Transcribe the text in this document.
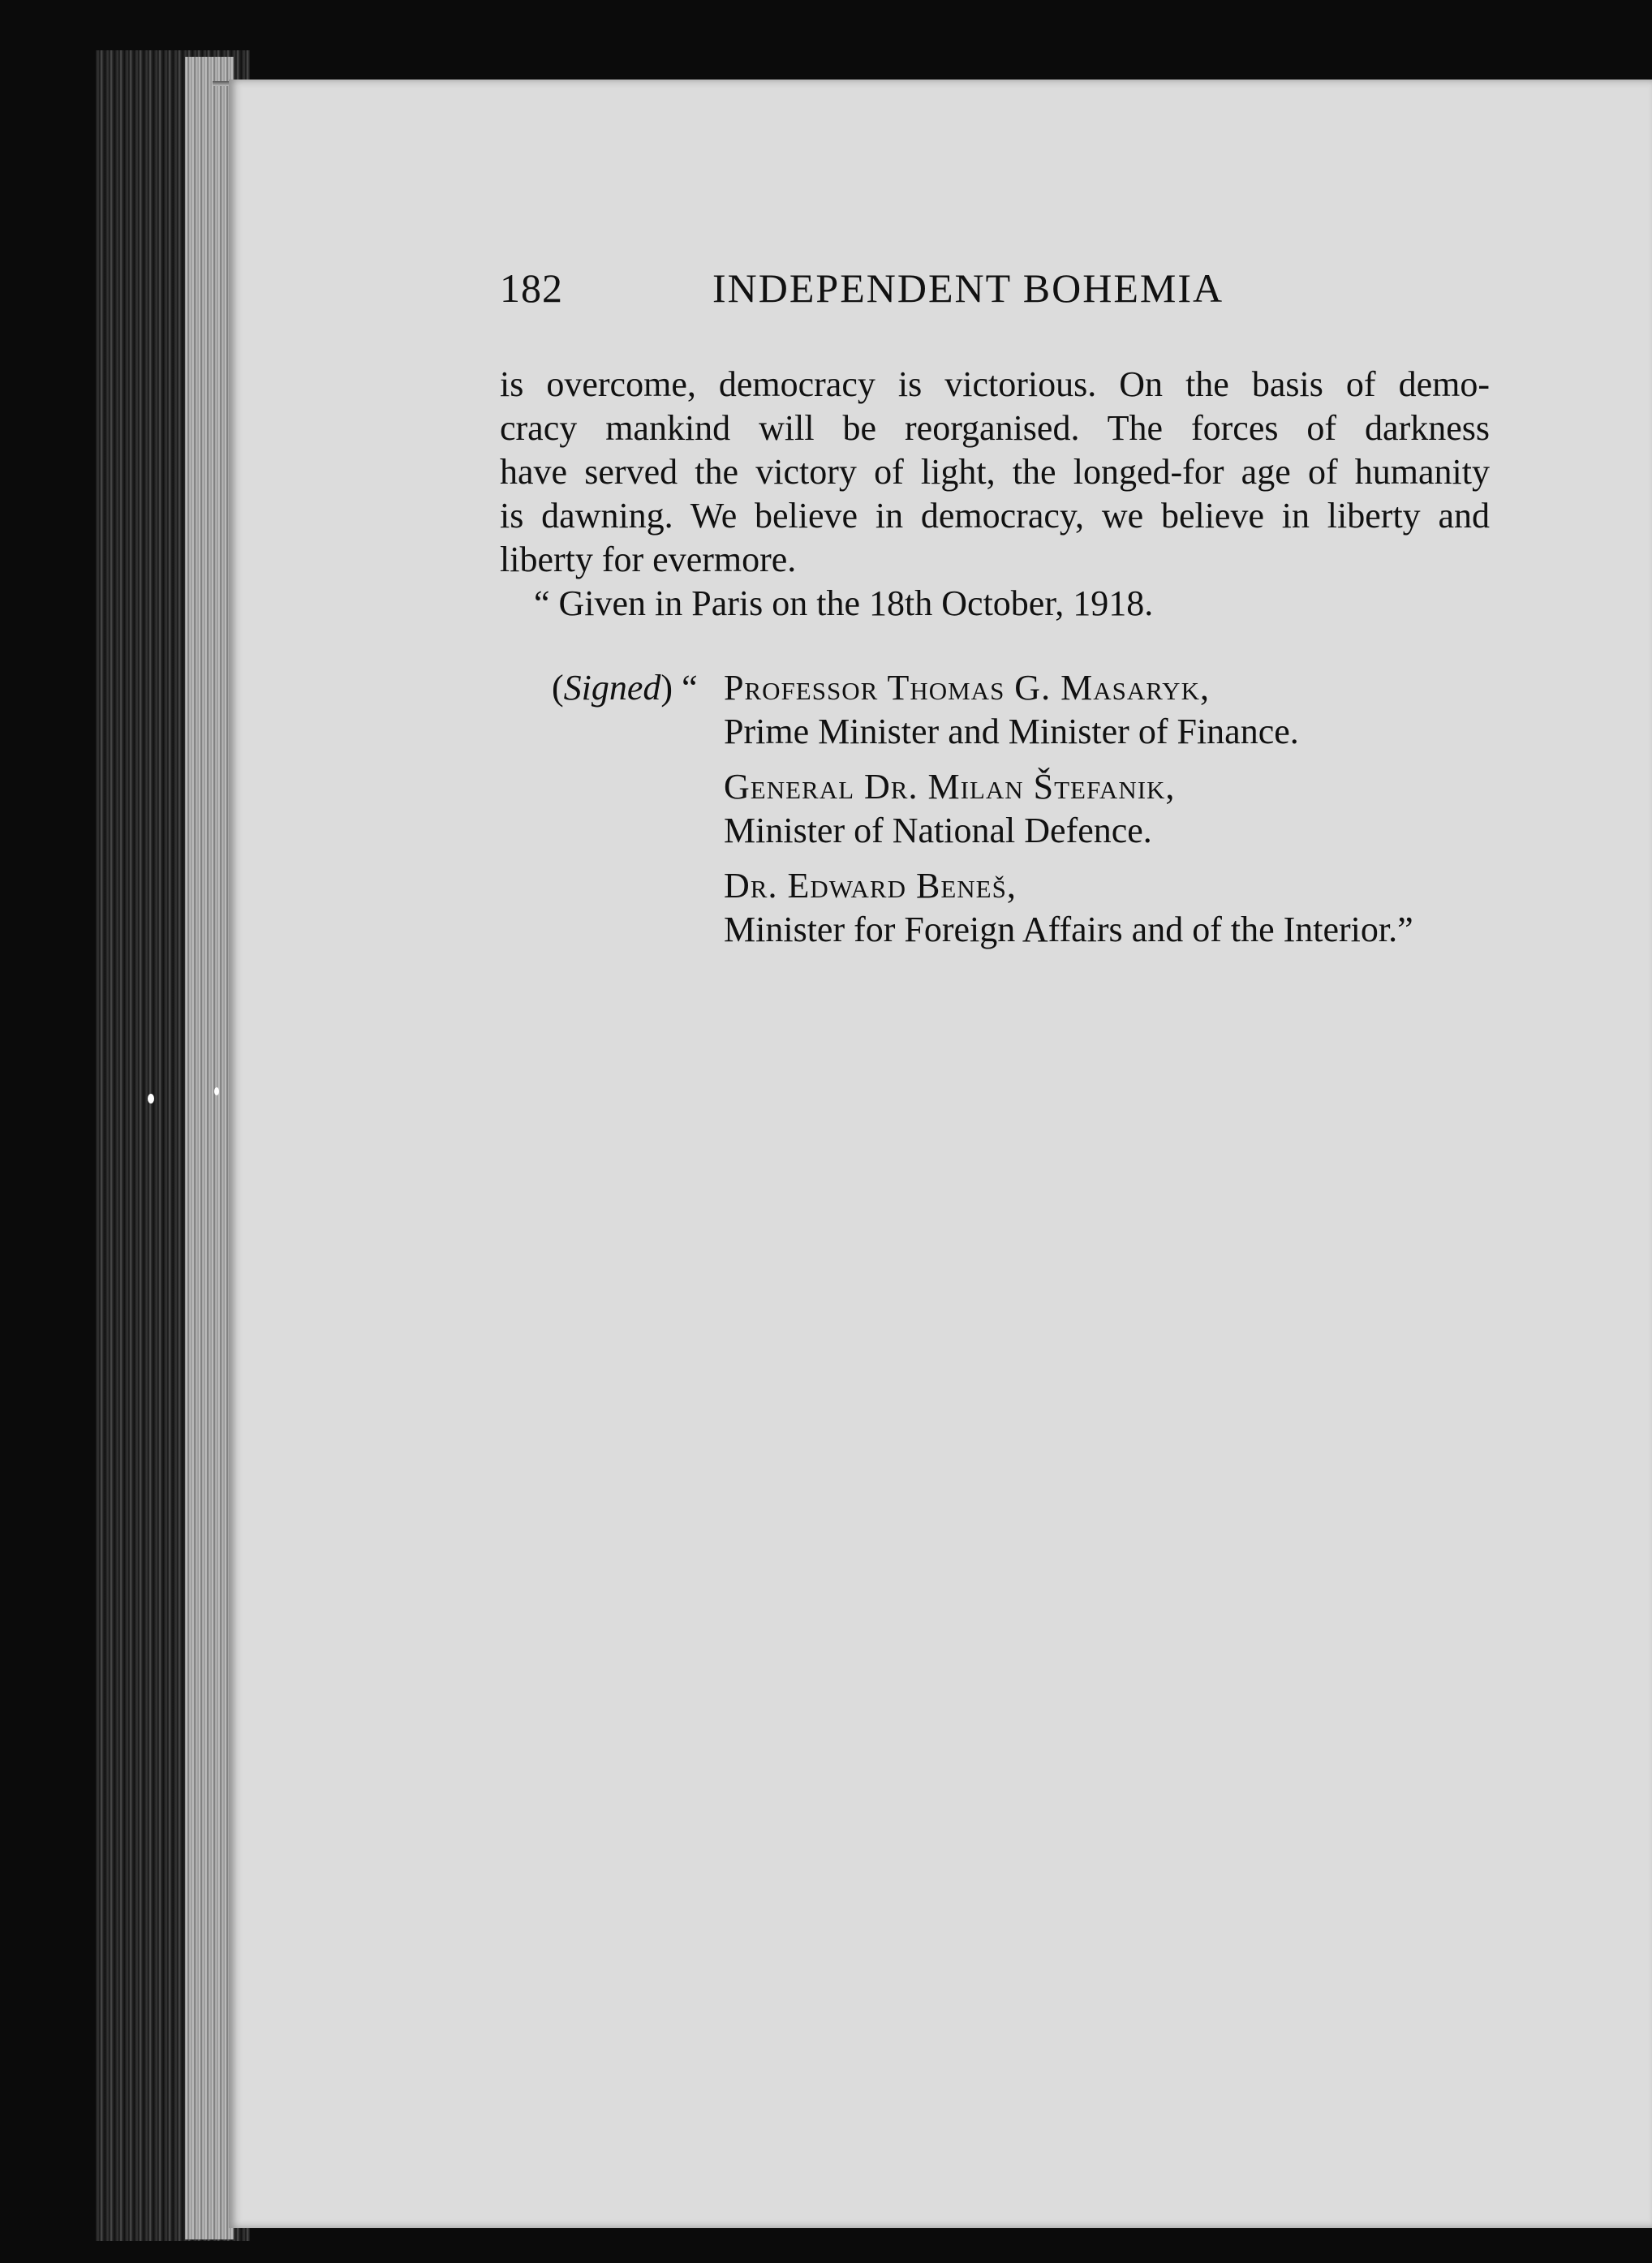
182	INDEPENDENT BOHEMIA
is overcome, democracy is victorious. On the basis of demo-
cracy mankind will be reorganised. The forces of darkness
have served the victory of light, the longed-for age of humanity
is dawning. We believe in democracy, we believe in liberty and
liberty for evermore.
“ Given in Paris on the 18th October, 1918.
(Signed) “ Professor Thomas G. Masaryk,
Prime Minister and Minister of Finance.
General Dr. Milan Štefanik,
Minister of National Defence.
Dr. Edward Beneš,
Minister for Foreign Affairs and of the Interior.”
